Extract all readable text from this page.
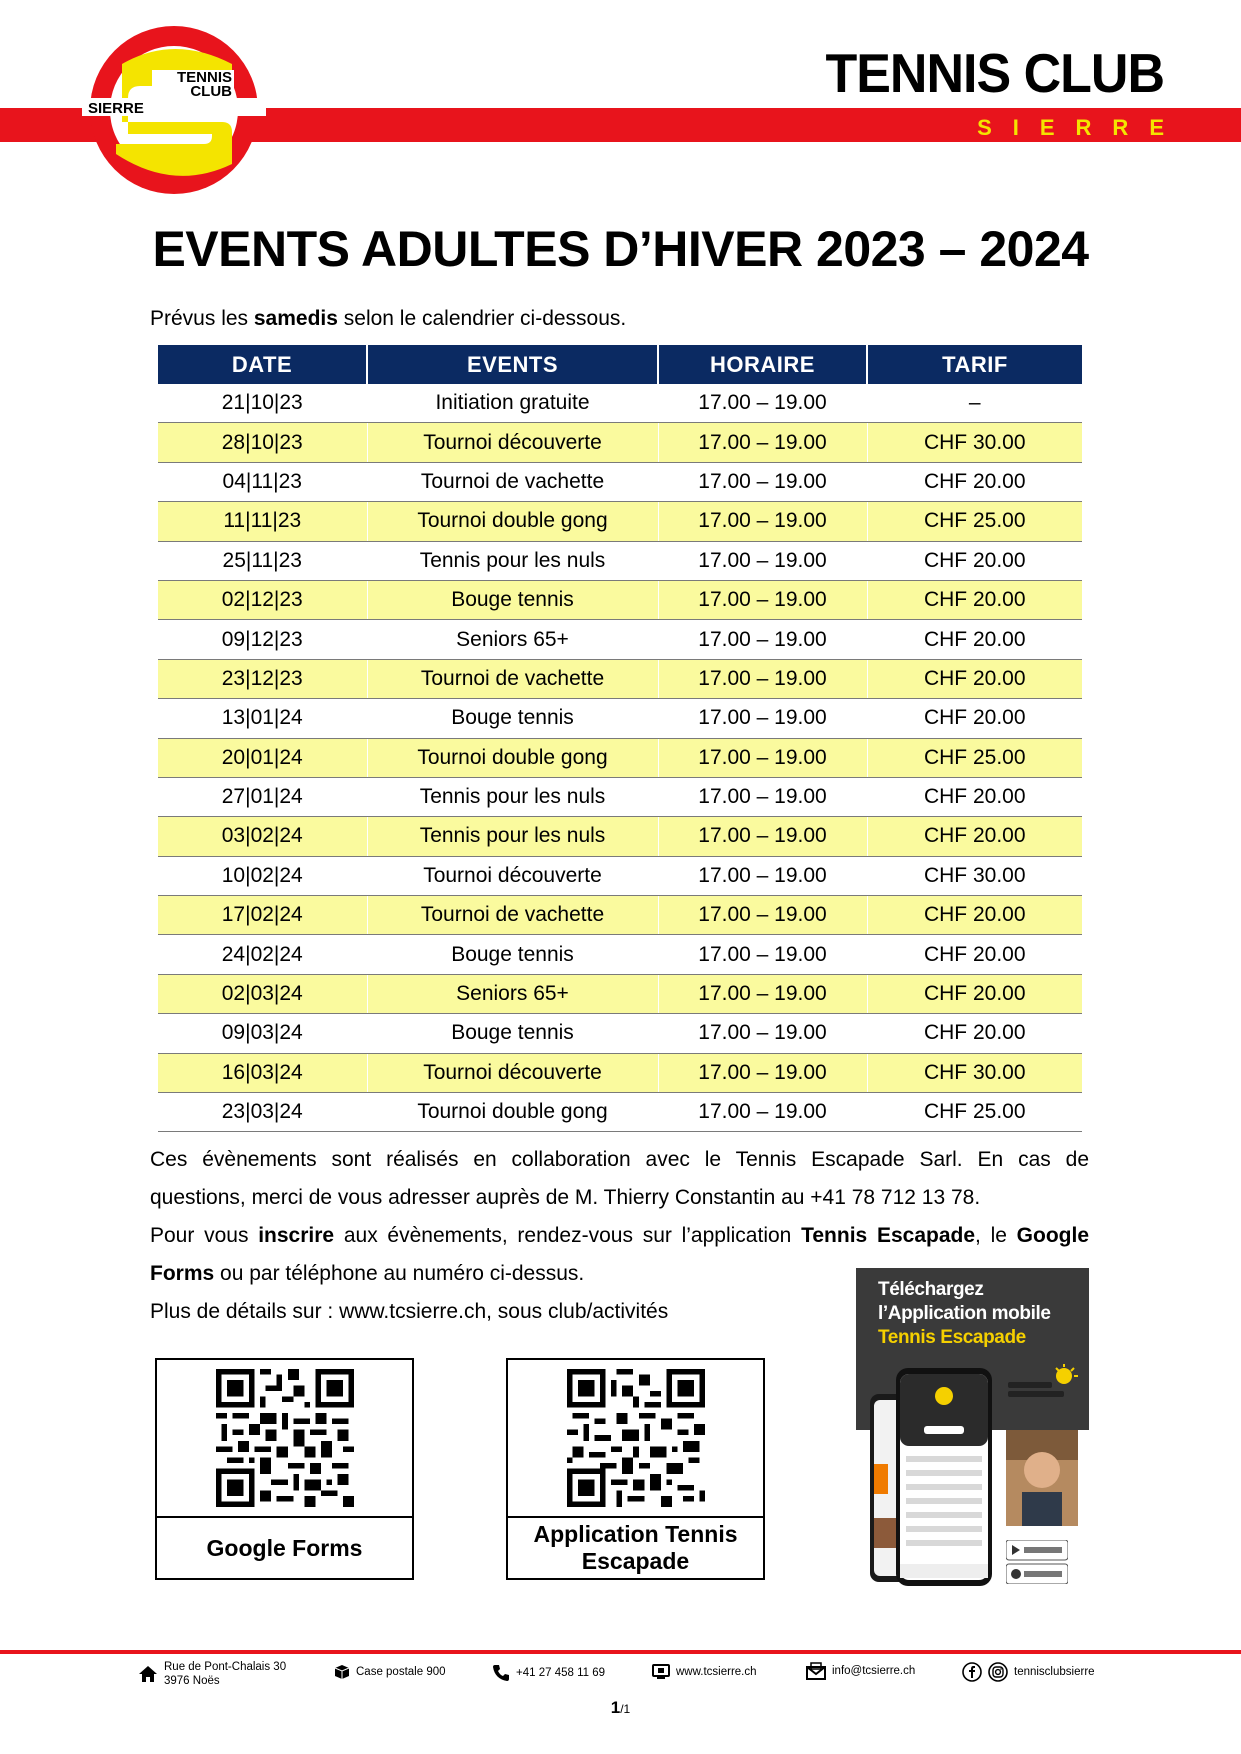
TENNIS
CLUB
SIERRE
TENNIS CLUB
SIERRE
EVENTS ADULTES D’HIVER 2023 – 2024
Prévus les samedis selon le calendrier ci-dessous.
DATE	EVENTS	HORAIRE	TARIF
21|10|23	Initiation gratuite	17.00 – 19.00	–
28|10|23	Tournoi découverte	17.00 – 19.00	CHF 30.00
04|11|23	Tournoi de vachette	17.00 – 19.00	CHF 20.00
11|11|23	Tournoi double gong	17.00 – 19.00	CHF 25.00
25|11|23	Tennis pour les nuls	17.00 – 19.00	CHF 20.00
02|12|23	Bouge tennis	17.00 – 19.00	CHF 20.00
09|12|23	Seniors 65+	17.00 – 19.00	CHF 20.00
23|12|23	Tournoi de vachette	17.00 – 19.00	CHF 20.00
13|01|24	Bouge tennis	17.00 – 19.00	CHF 20.00
20|01|24	Tournoi double gong	17.00 – 19.00	CHF 25.00
27|01|24	Tennis pour les nuls	17.00 – 19.00	CHF 20.00
03|02|24	Tennis pour les nuls	17.00 – 19.00	CHF 20.00
10|02|24	Tournoi découverte	17.00 – 19.00	CHF 30.00
17|02|24	Tournoi de vachette	17.00 – 19.00	CHF 20.00
24|02|24	Bouge tennis	17.00 – 19.00	CHF 20.00
02|03|24	Seniors 65+	17.00 – 19.00	CHF 20.00
09|03|24	Bouge tennis	17.00 – 19.00	CHF 20.00
16|03|24	Tournoi découverte	17.00 – 19.00	CHF 30.00
23|03|24	Tournoi double gong	17.00 – 19.00	CHF 25.00
Ces évènements sont réalisés en collaboration avec le Tennis Escapade Sarl. En cas de
questions, merci de vous adresser auprès de M. Thierry Constantin au +41 78 712 13 78.
Pour vous inscrire aux évènements, rendez-vous sur l’application Tennis Escapade, le Google
Forms ou par téléphone au numéro ci-dessus.
Plus de détails sur : www.tcsierre.ch, sous club/activités
Google Forms
Application Tennis
Escapade
Téléchargez
l’Application mobile
Tennis Escapade
Rue de Pont-Chalais 30
3976 Noës
Case postale 900	+41 27 458 11 69	www.tcsierre.ch	info@tcsierre.ch	tennisclubsierre
1/1
